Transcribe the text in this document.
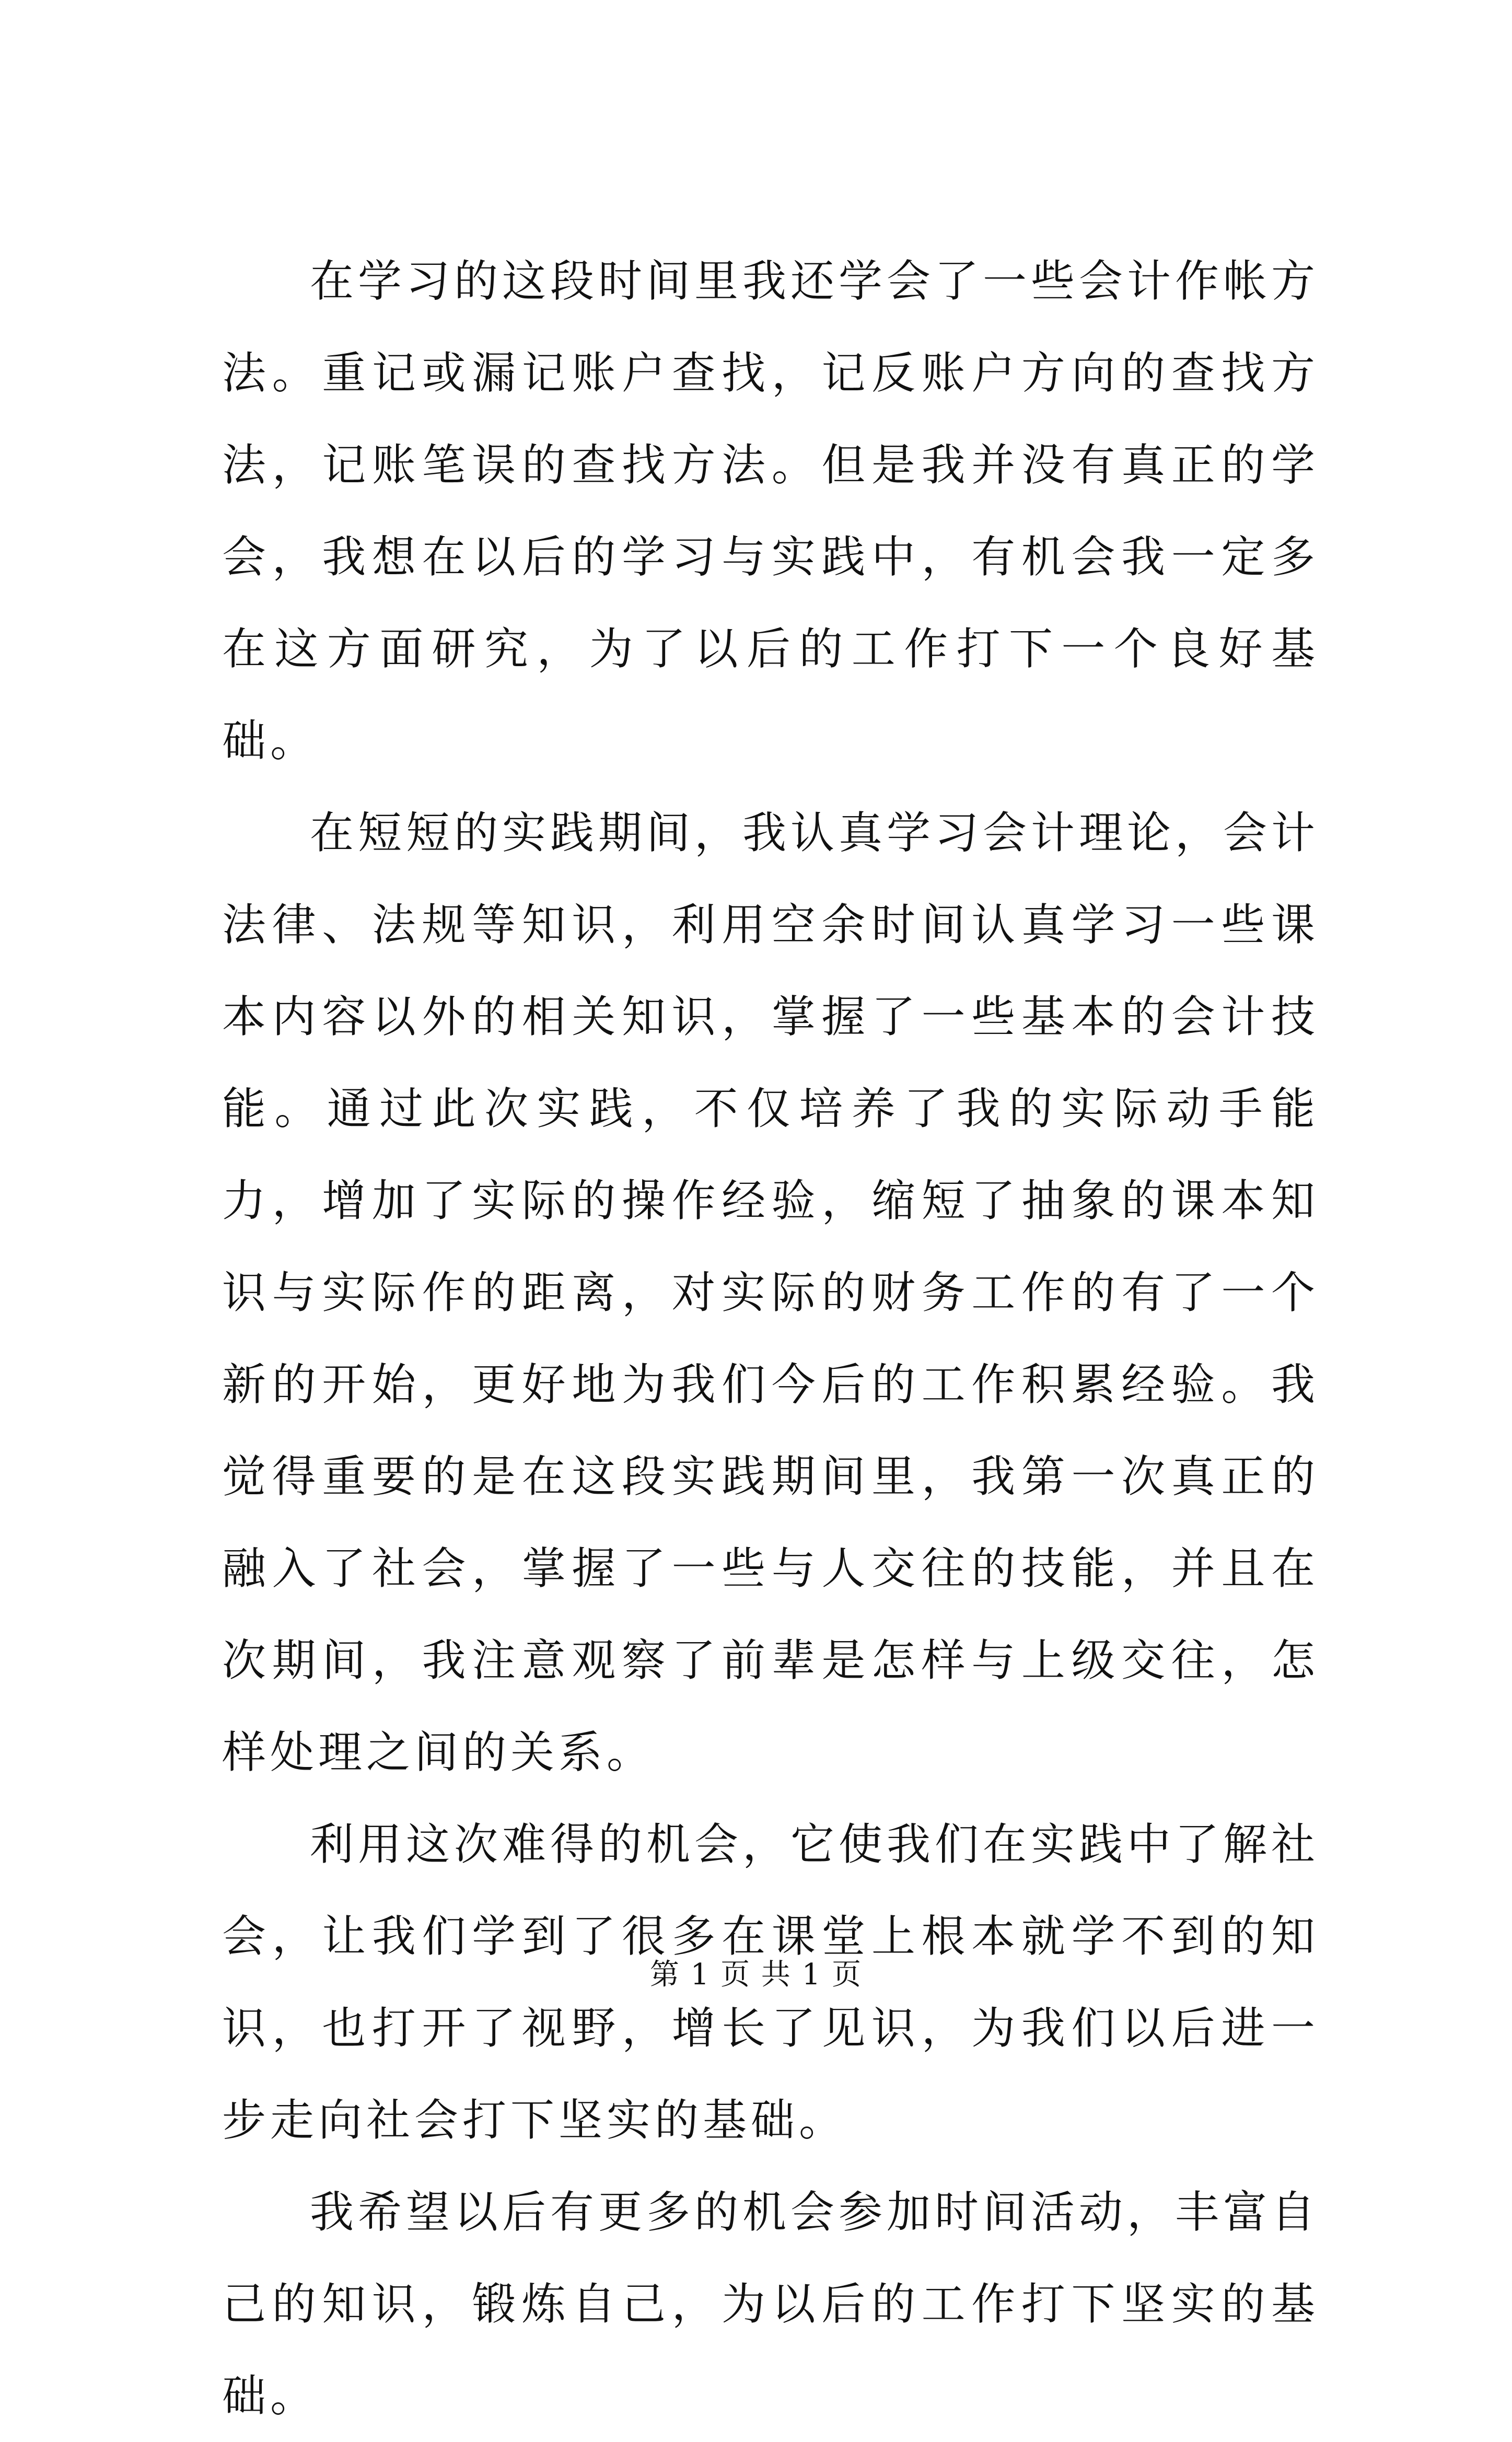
在学习的这段时间里我还学会了一些会计作帐方法。重记或漏记账户查找，记反账户方向的查找方法，记账笔误的查找方法。但是我并没有真正的学会，我想在以后的学习与实践中，有机会我一定多在这方面研究，为了以后的工作打下一个良好基础。

在短短的实践期间，我认真学习会计理论，会计法律、法规等知识，利用空余时间认真学习一些课本内容以外的相关知识，掌握了一些基本的会计技能。通过此次实践，不仅培养了我的实际动手能力，增加了实际的操作经验，缩短了抽象的课本知识与实际作的距离，对实际的财务工作的有了一个新的开始，更好地为我们今后的工作积累经验。我觉得重要的是在这段实践期间里，我第一次真正的融入了社会，掌握了一些与人交往的技能，并且在次期间，我注意观察了前辈是怎样与上级交往，怎样处理之间的关系。

利用这次难得的机会，它使我们在实践中了解社会，让我们学到了很多在课堂上根本就学不到的知识，也打开了视野，增长了见识，为我们以后进一步走向社会打下坚实的基础。

我希望以后有更多的机会参加时间活动，丰富自己的知识，锻炼自己，为以后的工作打下坚实的基础。

第 1 页 共 1 页
